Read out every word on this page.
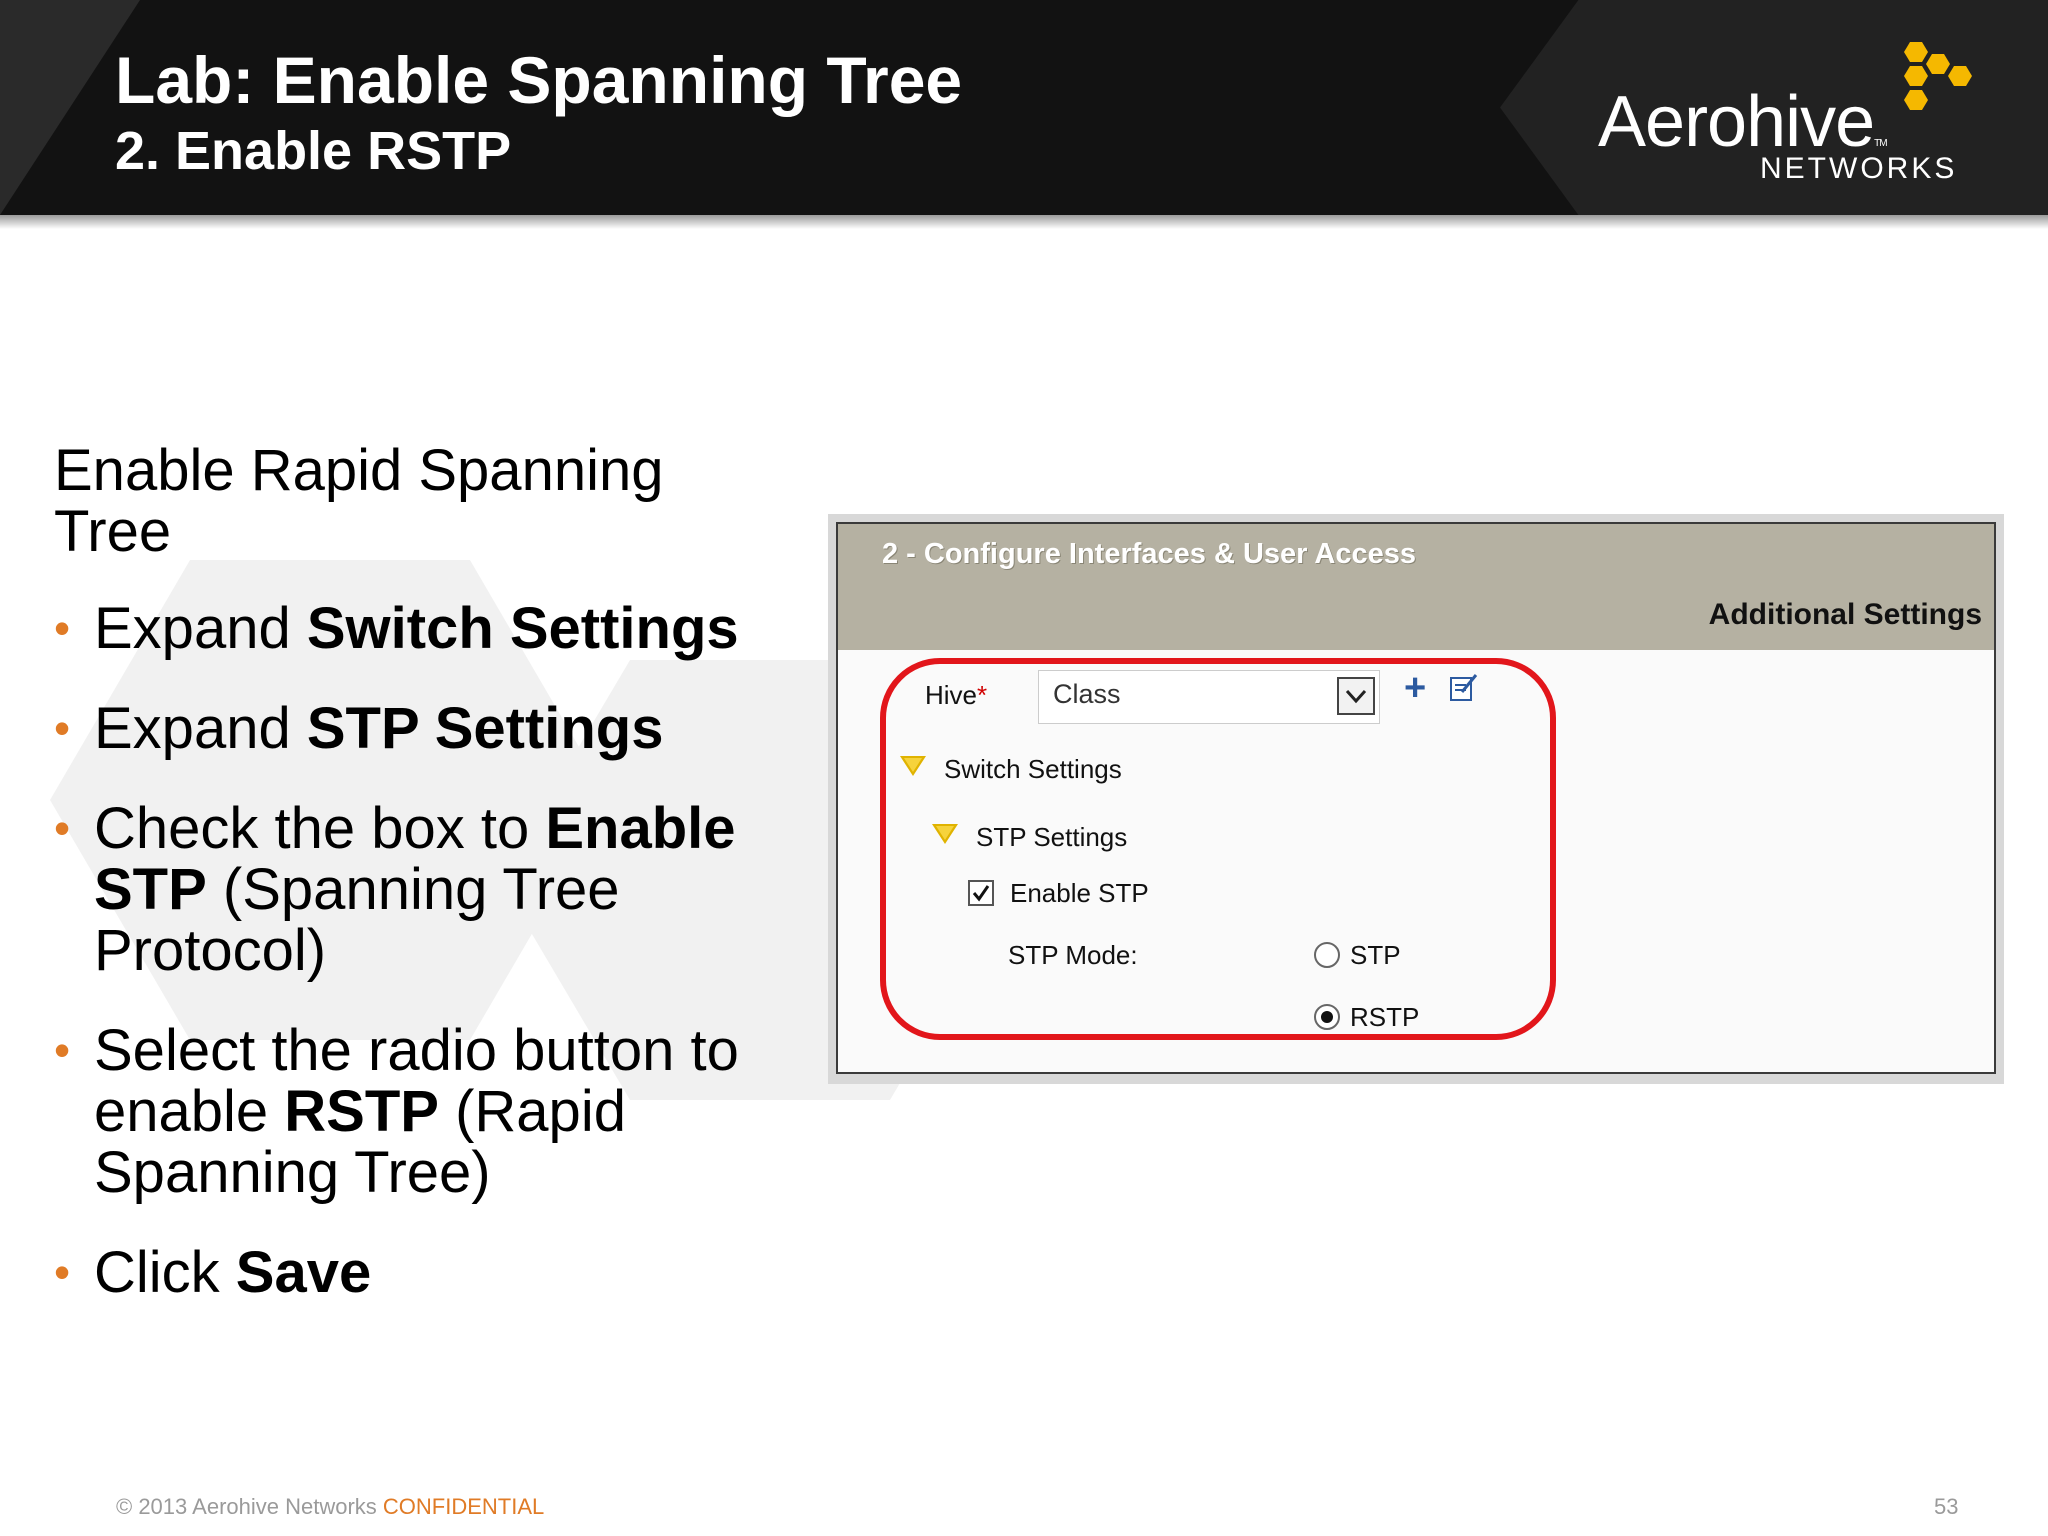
Lab: Enable Spanning Tree
2. Enable RSTP	AerohiveTM
NETWORKS
Enable Rapid Spanning Tree
• Expand Switch Settings
• Expand STP Settings
• Check the box to Enable STP (Spanning Tree Protocol)
• Select the radio button to enable RSTP (Rapid Spanning Tree)
• Click Save
2 - Configure Interfaces & User Access
Additional Settings
Hive* Class	+
Switch Settings
STP Settings
Enable STP
STP Mode:	STP
RSTP
© 2013 Aerohive Networks CONFIDENTIAL	53
